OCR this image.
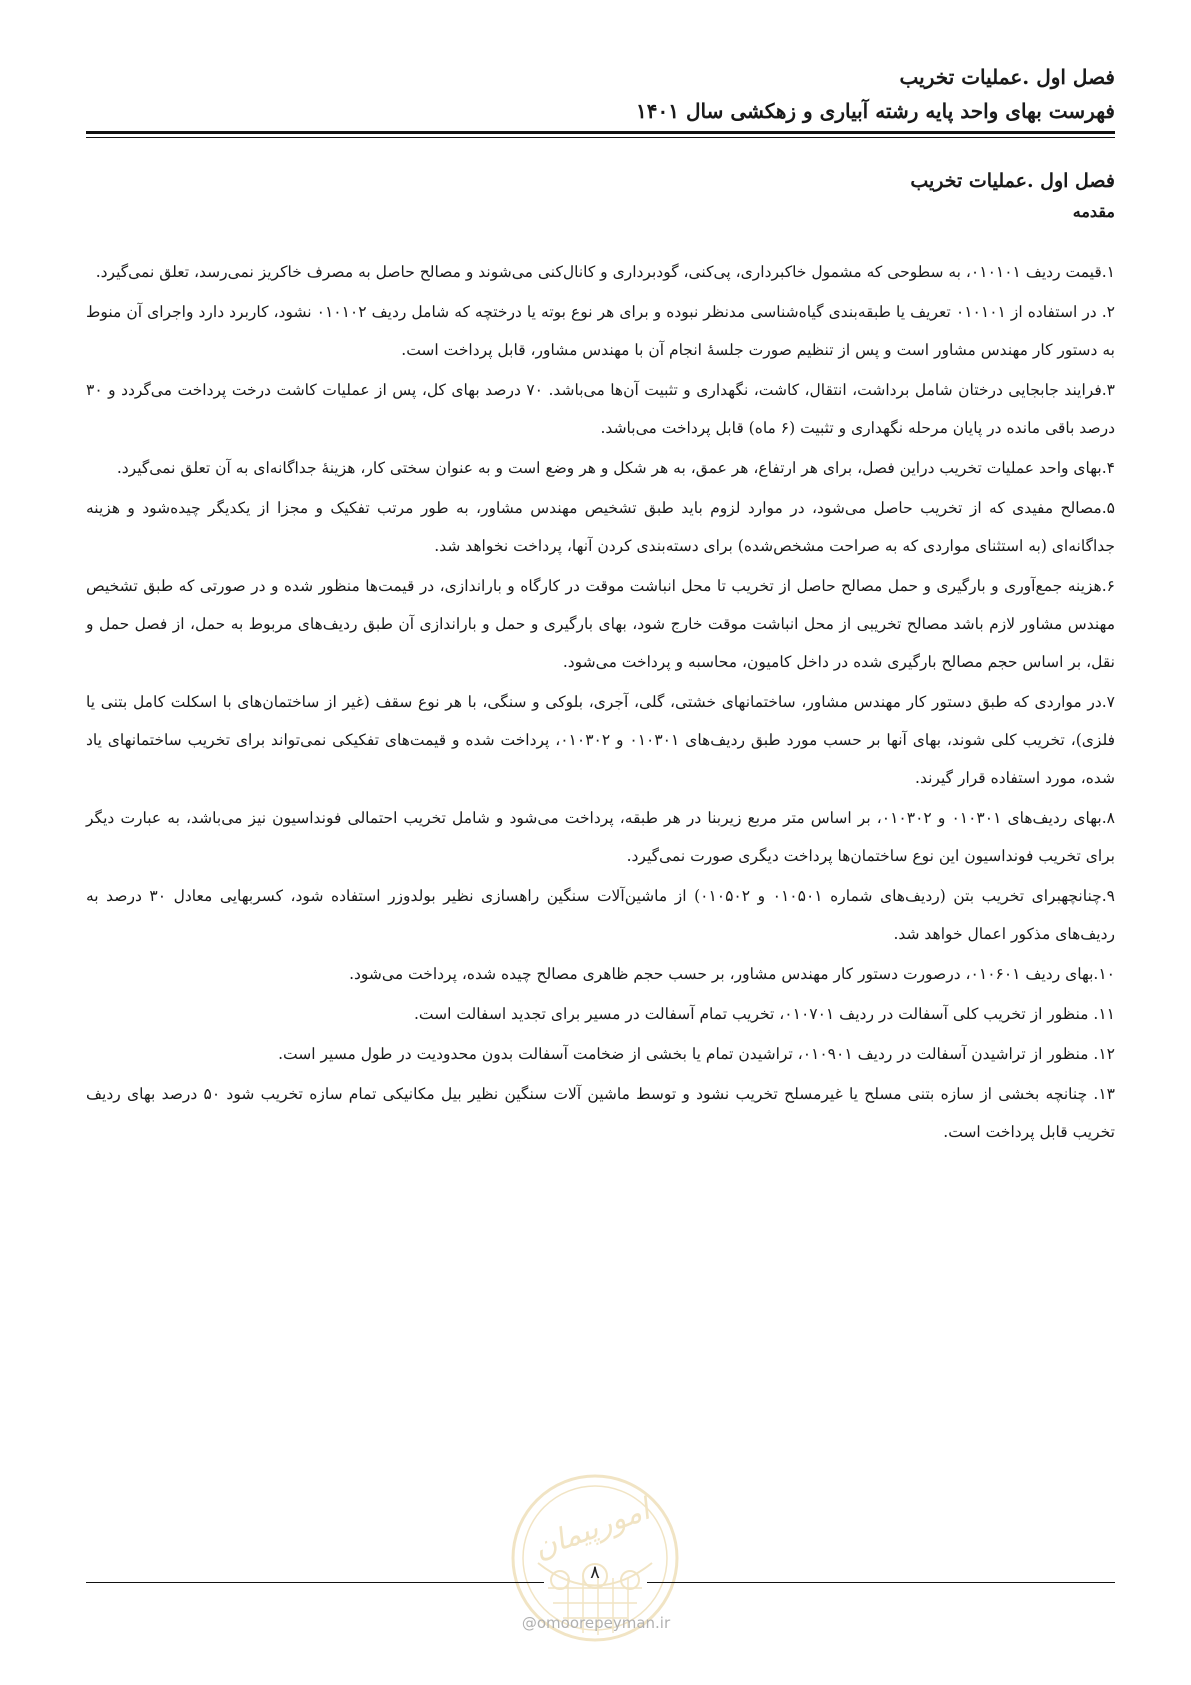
فصل اول .عملیات تخریب
فهرست بهای واحد پایه رشته آبیاری و زهکشی سال ۱۴۰۱
فصل اول .عملیات تخریب
مقدمه

۱.قیمت ردیف ۰۱۰۱۰۱، به سطوحی که مشمول خاکبرداری، پی‌کنی، گودبرداری و کانال‌کنی می‌شوند و مصالح حاصل به مصرف خاکریز نمی‌رسد، تعلق نمی‌گیرد.

۲. در استفاده از ۰۱۰۱۰۱ تعریف یا طبقه‌بندی گیاه‌شناسی مدنظر نبوده و برای هر نوع بوته یا درختچه که شامل ردیف ۰۱۰۱۰۲ نشود، کاربرد دارد واجرای آن منوط به دستور کار مهندس مشاور است و پس از تنظیم صورت جلسهٔ انجام آن با مهندس مشاور، قابل پرداخت است.

۳.فرایند جابجایی درختان شامل برداشت، انتقال، کاشت، نگهداری و تثبیت آن‌ها می‌باشد. ۷۰ درصد بهای کل، پس از عملیات کاشت درخت پرداخت می‌گردد و ۳۰ درصد باقی مانده در پایان مرحله نگهداری و تثبیت (۶ ماه) قابل پرداخت می‌باشد.

۴.بهای واحد عملیات تخریب دراین فصل، برای هر ارتفاع، هر عمق، به هر شکل و هر وضع است و به عنوان سختی کار، هزینهٔ جداگانه‌ای به آن تعلق نمی‌گیرد.

۵.مصالح مفیدی که از تخریب حاصل می‌شود، در موارد لزوم باید طبق تشخیص مهندس مشاور، به طور مرتب تفکیک و مجزا از یکدیگر چیده‌شود و هزینه جداگانه‌ای (به استثنای مواردی که به صراحت مشخص‌شده) برای دسته‌بندی کردن آنها، پرداخت نخواهد شد.

۶.هزینه جمع‌آوری و بارگیری و حمل مصالح حاصل از تخریب تا محل انباشت موقت در کارگاه و باراندازی، در قیمت‌ها منظور شده و در صورتی که طبق تشخیص مهندس مشاور لازم باشد مصالح تخریبی از محل انباشت موقت خارج شود، بهای بارگیری و حمل و باراندازی آن طبق ردیف‌های مربوط به حمل، از فصل حمل و نقل، بر اساس حجم مصالح بارگیری شده در داخل کامیون، محاسبه و پرداخت می‌شود.

۷.در مواردی که طبق دستور کار مهندس مشاور، ساختمانهای خشتی، گلی، آجری، بلوکی و سنگی، با هر نوع سقف (غیر از ساختمان‌های با اسکلت کامل بتنی یا فلزی)، تخریب کلی شوند، بهای آنها بر حسب مورد طبق ردیف‌های ۰۱۰۳۰۱ و ۰۱۰۳۰۲، پرداخت شده و قیمت‌های تفکیکی نمی‌تواند برای تخریب ساختمانهای یاد شده، مورد استفاده قرار گیرند.

۸.بهای ردیف‌های ۰۱۰۳۰۱ و ۰۱۰۳۰۲، بر اساس متر مربع زیربنا در هر طبقه، پرداخت می‌شود و شامل تخریب احتمالی فونداسیون نیز می‌باشد، به عبارت دیگر برای تخریب فونداسیون این نوع ساختمان‌ها پرداخت دیگری صورت نمی‌گیرد.

۹.چنانچهبرای تخریب بتن (ردیف‌های شماره ۰۱۰۵۰۱ و ۰۱۰۵۰۲) از ماشین‌آلات سنگین راهسازی نظیر بولدوزر استفاده شود، کسربهایی معادل ۳۰ درصد به ردیف‌های مذکور اعمال خواهد شد.

۱۰.بهای ردیف ۰۱۰۶۰۱، درصورت دستور کار مهندس مشاور، بر حسب حجم ظاهری مصالح چیده شده، پرداخت می‌شود.

۱۱. منظور از تخریب کلی آسفالت در ردیف ۰۱۰۷۰۱، تخریب تمام آسفالت در مسیر برای تجدید اسفالت است.

۱۲. منظور از تراشیدن آسفالت در ردیف ۰۱۰۹۰۱، تراشیدن تمام یا بخشی از ضخامت آسفالت بدون محدودیت در طول مسیر است.

۱۳. چنانچه بخشی از سازه بتنی مسلح یا غیرمسلح تخریب نشود و توسط ماشین آلات سنگین نظیر بیل مکانیکی تمام سازه تخریب شود ۵۰ درصد بهای ردیف تخریب قابل پرداخت است.

امورپیمان
۸
@omoorepeyman.ir
